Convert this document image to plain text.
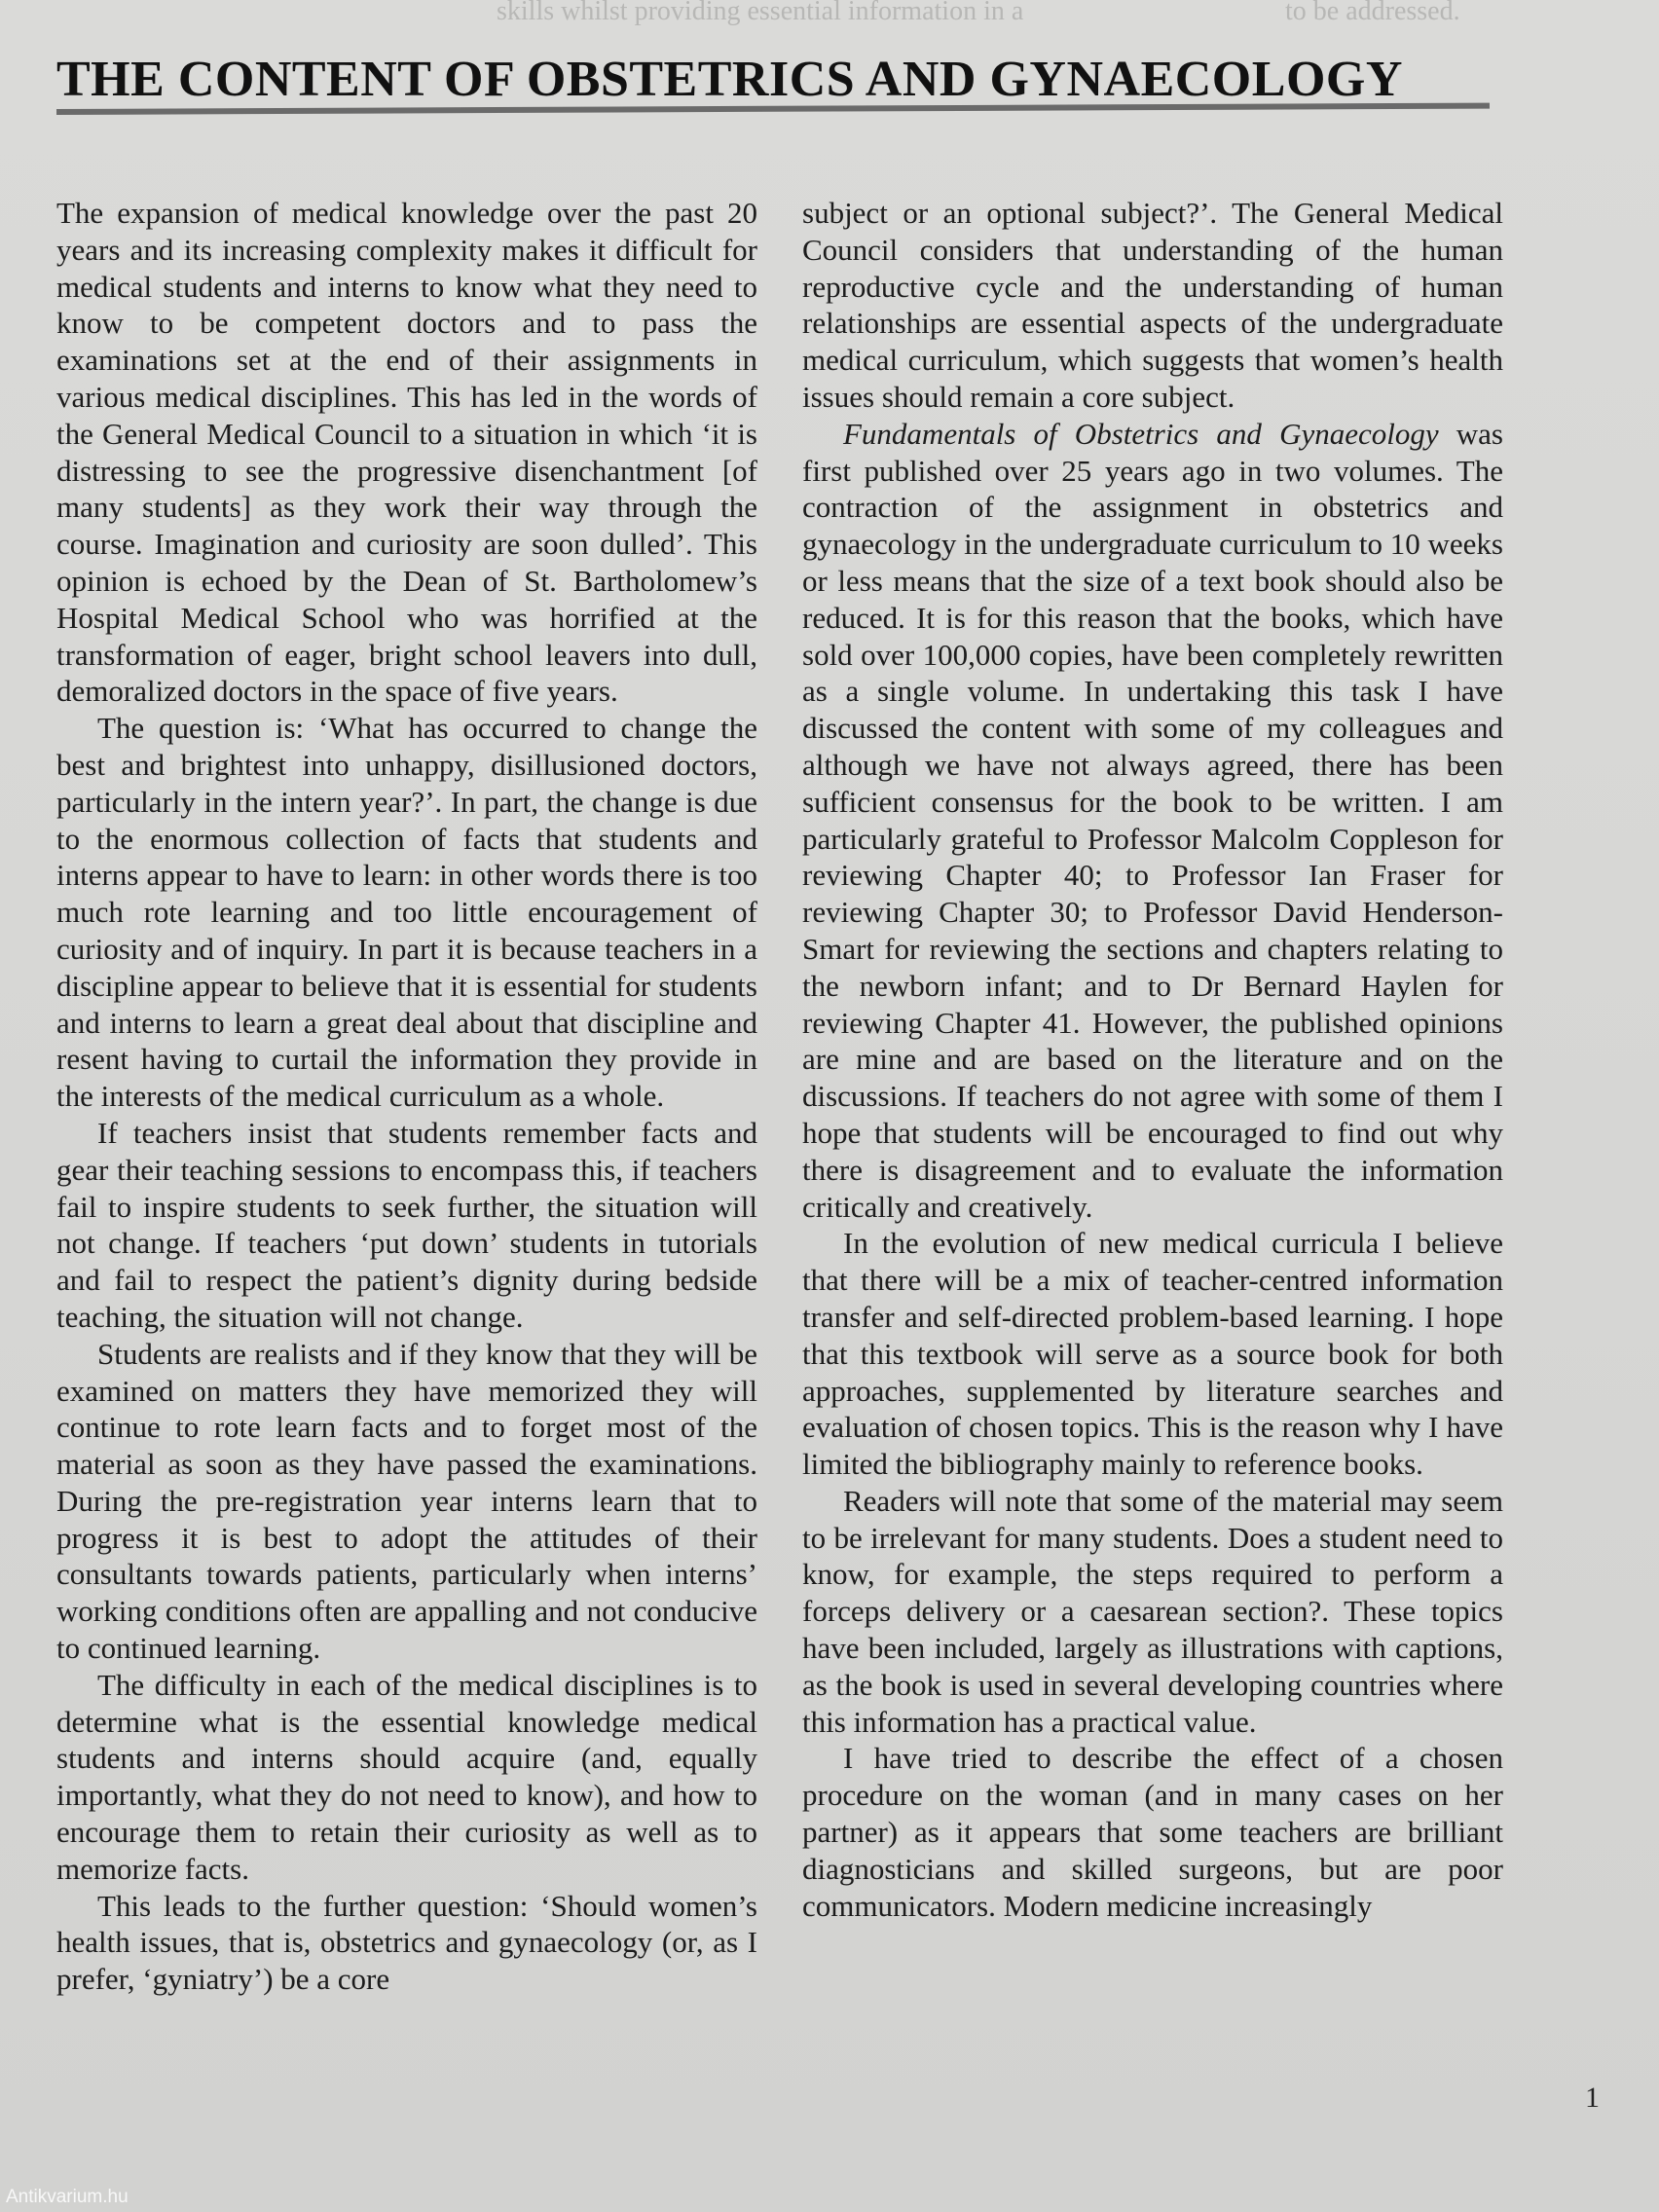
skills whilst providing essential information in a	to be addressed.
THE CONTENT OF OBSTETRICS AND GYNAECOLOGY

The expansion of medical knowledge over the past 20 years and its increasing complexity makes it difficult for medical students and interns to know what they need to know to be competent doctors and to pass the examinations set at the end of their assignments in various medical disciplines. This has led in the words of the General Medical Council to a situation in which ‘it is distressing to see the progressive disenchantment [of many students] as they work their way through the course. Imagination and curiosity are soon dulled’. This opinion is echoed by the Dean of St. Bartholomew’s Hospital Medical School who was horrified at the transformation of eager, bright school leavers into dull, demoralized doctors in the space of five years.

The question is: ‘What has occurred to change the best and brightest into unhappy, disillusioned doctors, particularly in the intern year?’. In part, the change is due to the enormous collection of facts that students and interns appear to have to learn: in other words there is too much rote learning and too little encouragement of curiosity and of inquiry. In part it is because teachers in a discipline appear to believe that it is essential for students and interns to learn a great deal about that discipline and resent having to curtail the information they provide in the interests of the medical curriculum as a whole.

If teachers insist that students remember facts and gear their teaching sessions to encompass this, if teachers fail to inspire students to seek further, the situation will not change. If teachers ‘put down’ students in tutorials and fail to respect the patient’s dignity during bedside teaching, the situation will not change.

Students are realists and if they know that they will be examined on matters they have memorized they will continue to rote learn facts and to forget most of the material as soon as they have passed the examinations. During the pre-registration year interns learn that to progress it is best to adopt the attitudes of their consultants towards patients, particularly when interns’ working conditions often are appalling and not conducive to continued learning.

The difficulty in each of the medical disciplines is to determine what is the essential knowledge medical students and interns should acquire (and, equally importantly, what they do not need to know), and how to encourage them to retain their curiosity as well as to memorize facts.

This leads to the further question: ‘Should women’s health issues, that is, obstetrics and gynaecology (or, as I prefer, ‘gyniatry’) be a core

subject or an optional subject?’. The General Medical Council considers that understanding of the human reproductive cycle and the understanding of human relationships are essential aspects of the undergraduate medical curriculum, which suggests that women’s health issues should remain a core subject.

Fundamentals of Obstetrics and Gynaecology was first published over 25 years ago in two volumes. The contraction of the assignment in obstetrics and gynaecology in the undergraduate curriculum to 10 weeks or less means that the size of a text book should also be reduced. It is for this reason that the books, which have sold over 100,000 copies, have been completely rewritten as a single volume. In undertaking this task I have discussed the content with some of my colleagues and although we have not always agreed, there has been sufficient consensus for the book to be written. I am particularly grateful to Professor Malcolm Coppleson for reviewing Chapter 40; to Professor Ian Fraser for reviewing Chapter 30; to Professor David Henderson-Smart for reviewing the sections and chapters relating to the newborn infant; and to Dr Bernard Haylen for reviewing Chapter 41. However, the published opinions are mine and are based on the literature and on the discussions. If teachers do not agree with some of them I hope that students will be encouraged to find out why there is disagreement and to evaluate the information critically and creatively.

In the evolution of new medical curricula I believe that there will be a mix of teacher-centred information transfer and self-directed problem-based learning. I hope that this textbook will serve as a source book for both approaches, supplemented by literature searches and evaluation of chosen topics. This is the reason why I have limited the bibliography mainly to reference books.

Readers will note that some of the material may seem to be irrelevant for many students. Does a student need to know, for example, the steps required to perform a forceps delivery or a caesarean section?. These topics have been included, largely as illustrations with captions, as the book is used in several developing countries where this information has a practical value.

I have tried to describe the effect of a chosen procedure on the woman (and in many cases on her partner) as it appears that some teachers are brilliant diagnosticians and skilled surgeons, but are poor communicators. Modern medicine increasingly

1
Antikvarium.hu
